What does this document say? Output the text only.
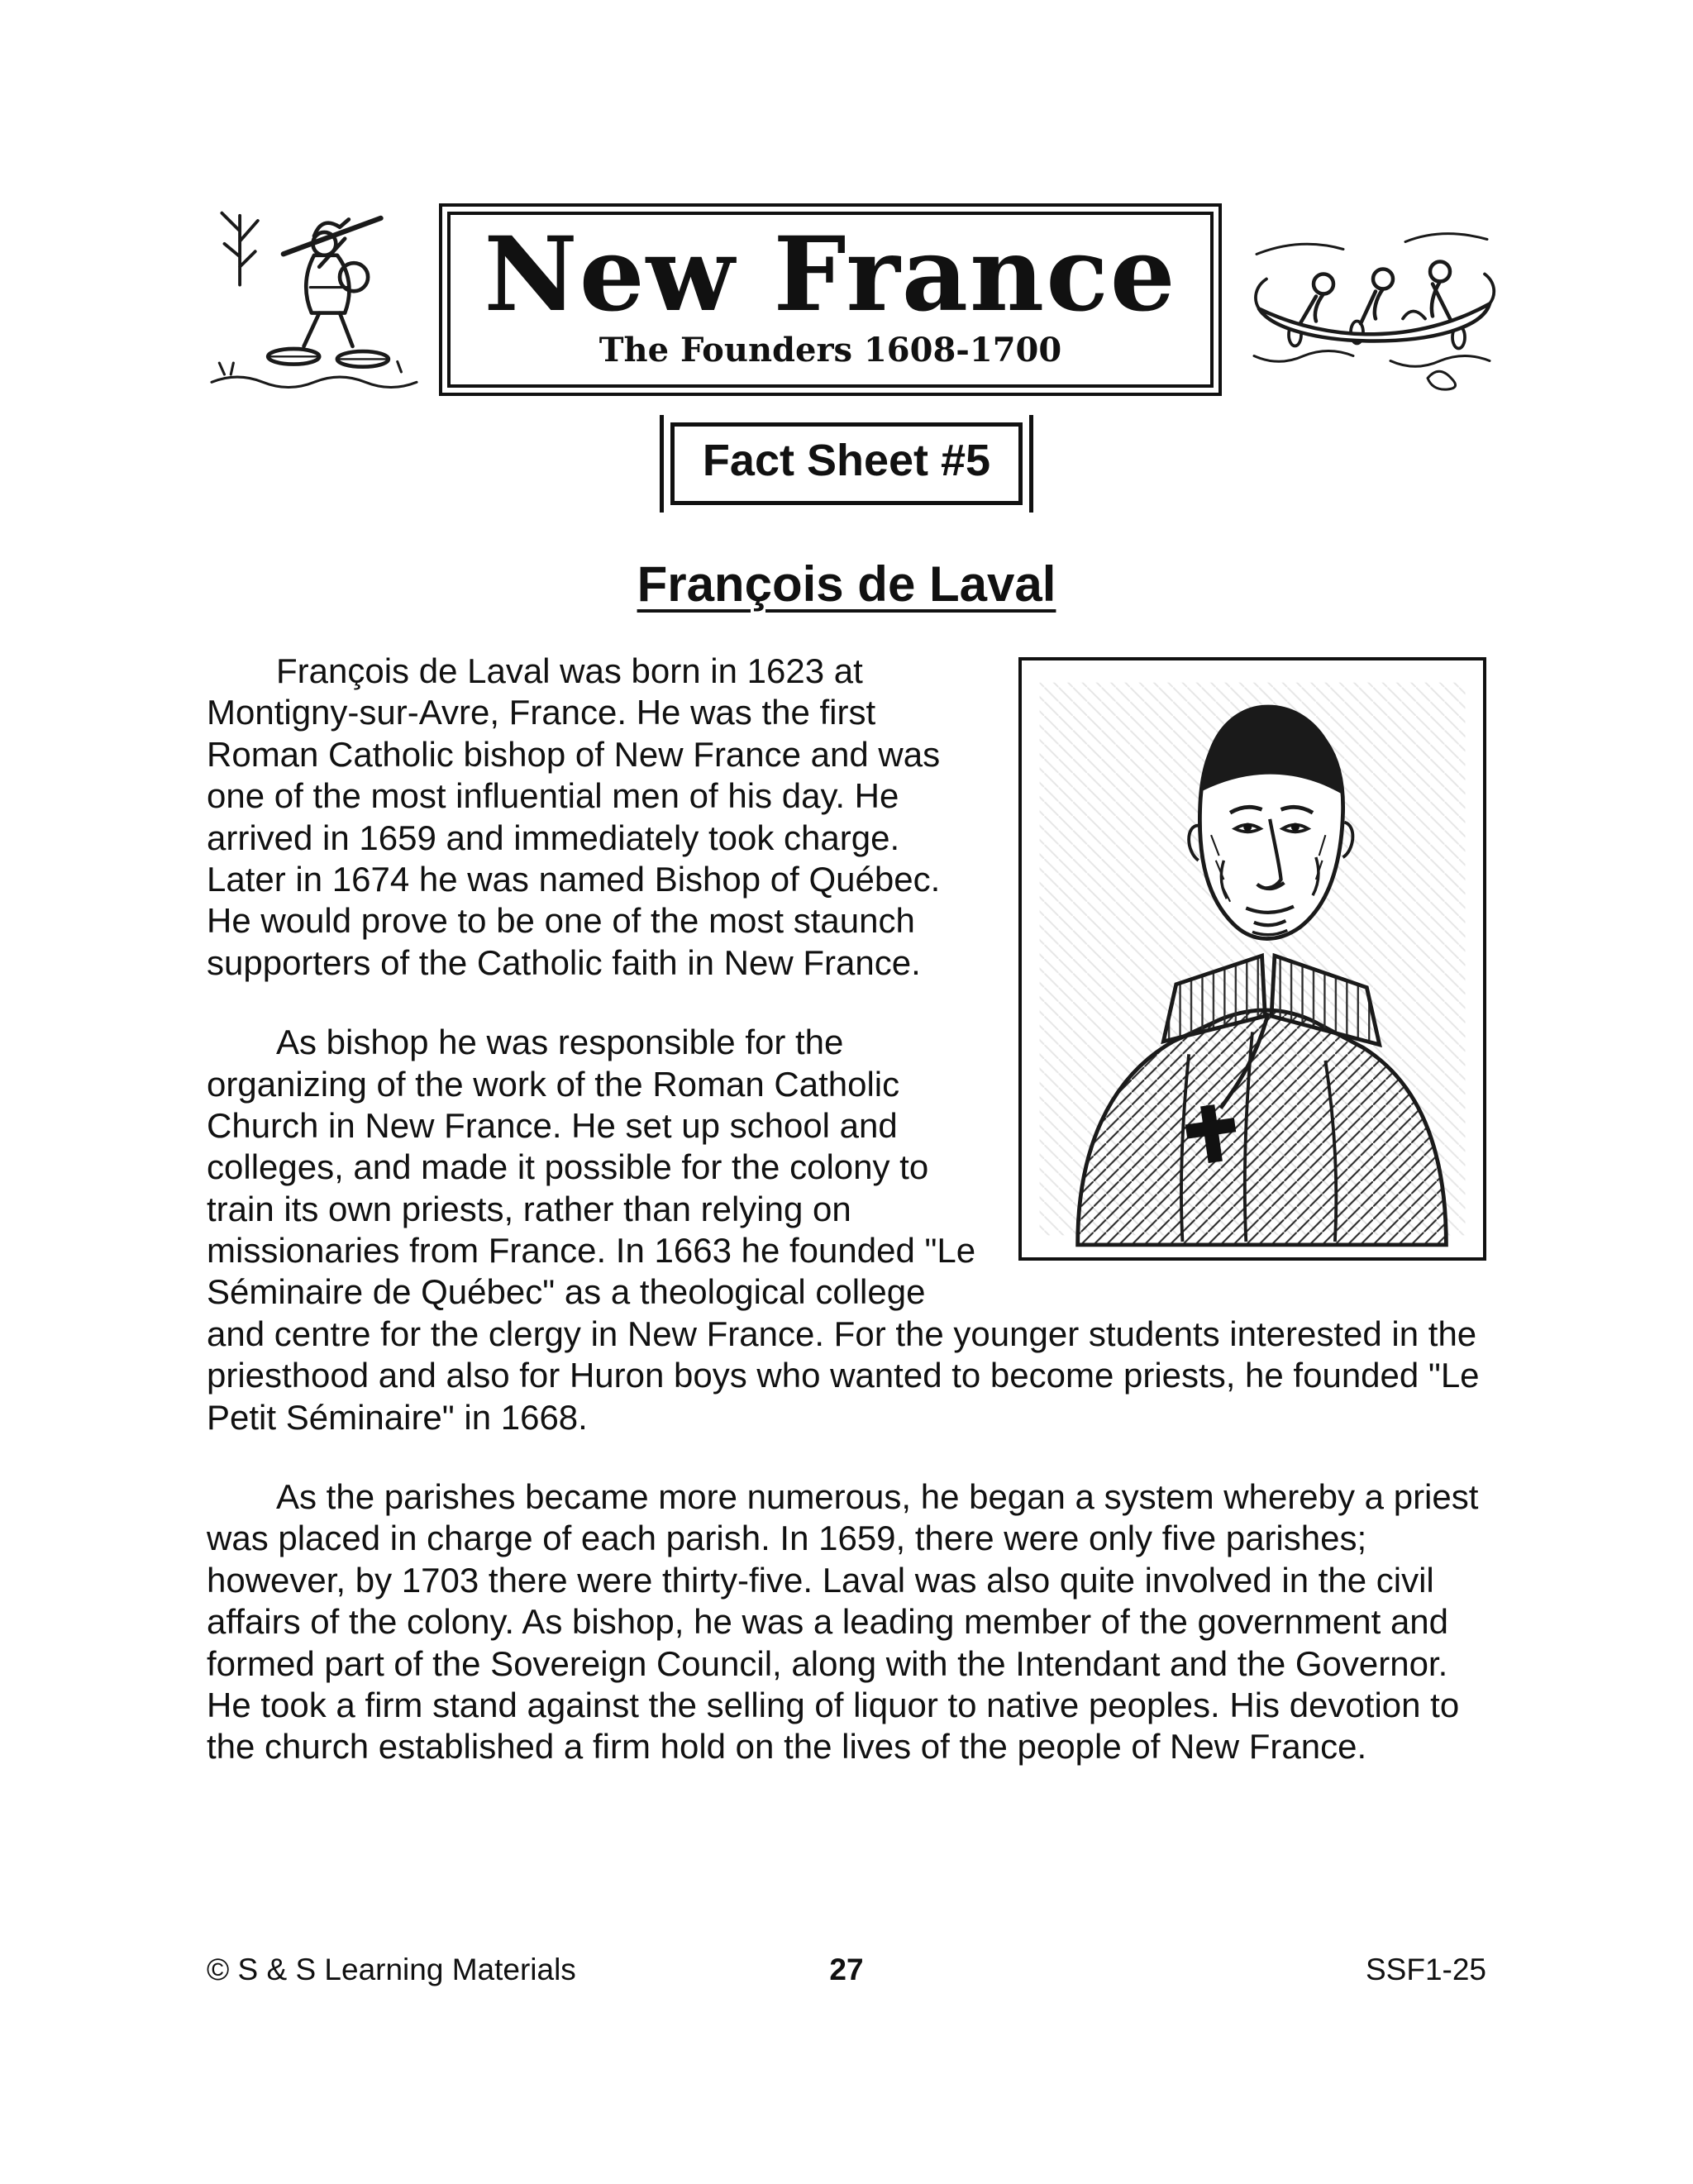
New France
The Founders 1608-1700
Fact Sheet #5
François de Laval

François de Laval was born in 1623 at Montigny-sur-Avre, France. He was the first Roman Catholic bishop of New France and was one of the most influential men of his day. He arrived in 1659 and immediately took charge. Later in 1674 he was named Bishop of Québec. He would prove to be one of the most staunch supporters of the Catholic faith in New France.

As bishop he was responsible for the organizing of the work of the Roman Catholic Church in New France. He set up school and colleges, and made it possible for the colony to train its own priests, rather than relying on missionaries from France. In 1663 he founded "Le Séminaire de Québec" as a theological college and centre for the clergy in New France. For the younger students interested in the priesthood and also for Huron boys who wanted to become priests, he founded "Le Petit Séminaire" in 1668.

As the parishes became more numerous, he began a system whereby a priest was placed in charge of each parish. In 1659, there were only five parishes; however, by 1703 there were thirty-five. Laval was also quite involved in the civil affairs of the colony. As bishop, he was a leading member of the government and formed part of the Sovereign Council, along with the Intendant and the Governor. He took a firm stand against the selling of liquor to native peoples. His devotion to the church established a firm hold on the lives of the people of New France.

© S & S Learning Materials	27	SSF1-25
